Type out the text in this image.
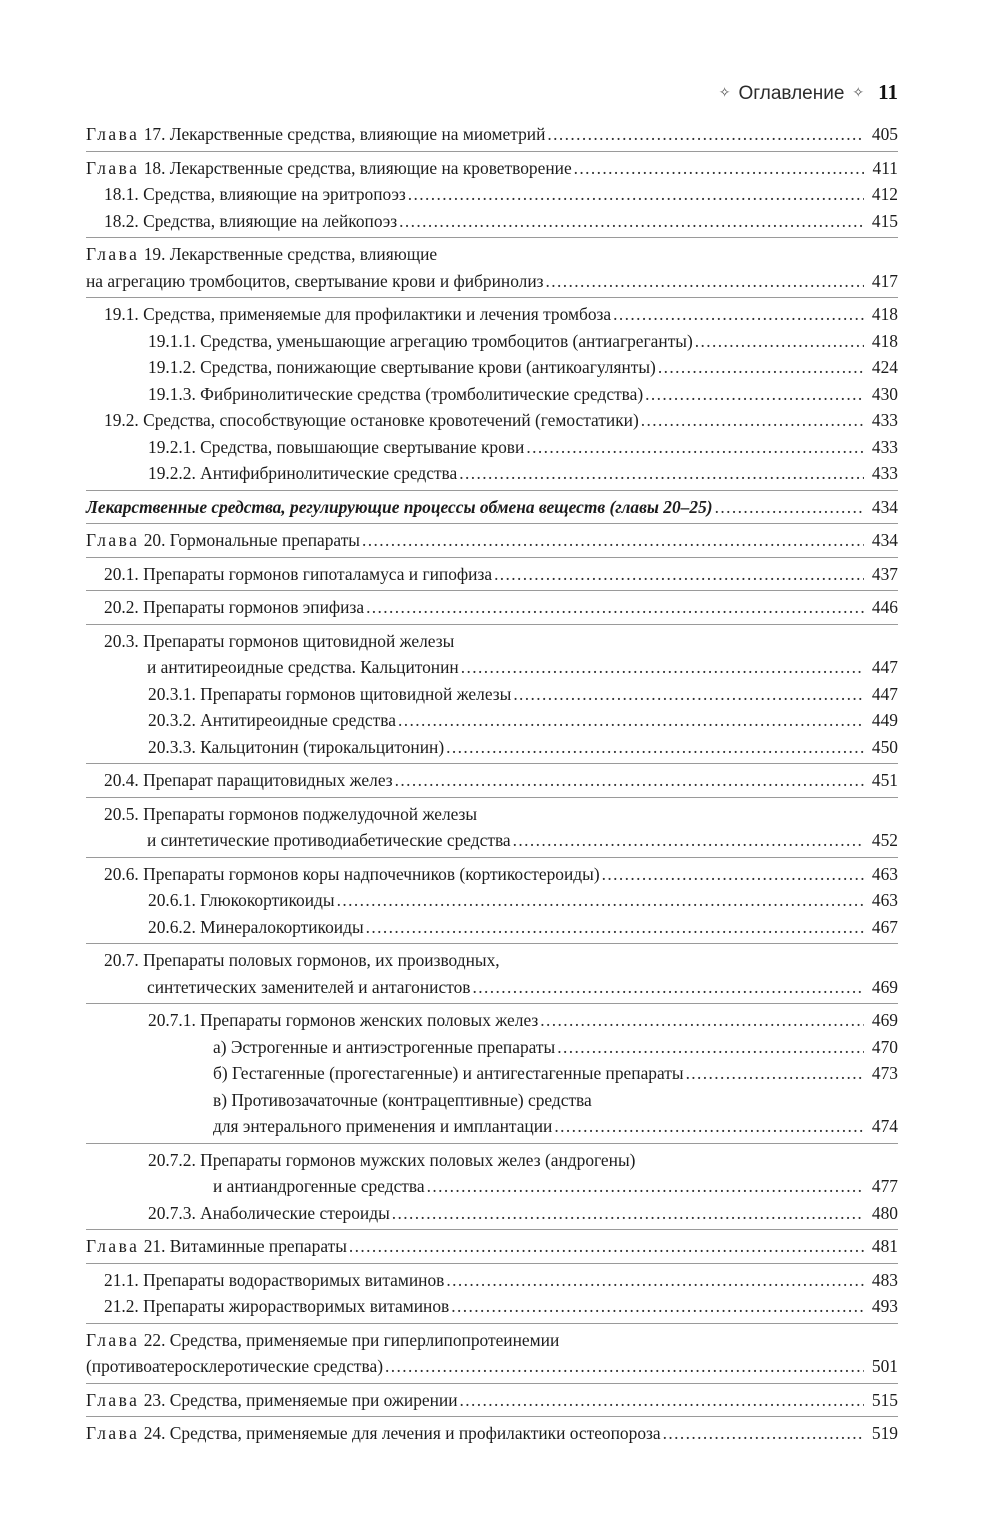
✧ Оглавление ✧ 11
Глава 17. Лекарственные средства, влияющие на миометрий .....	405
Глава 18. Лекарственные средства, влияющие на кроветворение .....	411
18.1. Средства, влияющие на эритропоэз .....	412
18.2. Средства, влияющие на лейкопоэз .....	415
Глава 19. Лекарственные средства, влияющие
на агрегацию тромбоцитов, свертывание крови и фибринолиз .....	417
19.1. Средства, применяемые для профилактики и лечения тромбоза .....	418
19.1.1. Средства, уменьшающие агрегацию тромбоцитов (антиагреганты) .....	418
19.1.2. Средства, понижающие свертывание крови (антикоагулянты) .....	424
19.1.3. Фибринолитические средства (тромболитические средства) .....	430
19.2. Средства, способствующие остановке кровотечений (гемостатики) .....	433
19.2.1. Средства, повышающие свертывание крови .....	433
19.2.2. Антифибринолитические средства .....	433
Лекарственные средства, регулирующие процессы обмена веществ (главы 20–25) .....	434
Глава 20. Гормональные препараты .....	434
20.1. Препараты гормонов гипоталамуса и гипофиза .....	437
20.2. Препараты гормонов эпифиза .....	446
20.3. Препараты гормонов щитовидной железы
и антитиреоидные средства. Кальцитонин .....	447
20.3.1. Препараты гормонов щитовидной железы .....	447
20.3.2. Антитиреоидные средства .....	449
20.3.3. Кальцитонин (тирокальцитонин) .....	450
20.4. Препарат паращитовидных желез .....	451
20.5. Препараты гормонов поджелудочной железы
и синтетические противодиабетические средства .....	452
20.6. Препараты гормонов коры надпочечников (кортикостероиды) .....	463
20.6.1. Глюкокортикоиды .....	463
20.6.2. Минералокортикоиды .....	467
20.7. Препараты половых гормонов, их производных,
синтетических заменителей и антагонистов .....	469
20.7.1. Препараты гормонов женских половых желез .....	469
а) Эстрогенные и антиэстрогенные препараты .....	470
б) Гестагенные (прогестагенные) и антигестагенные препараты .....	473
в) Противозачаточные (контрацептивные) средства
для энтерального применения и имплантации .....	474
20.7.2. Препараты гормонов мужских половых желез (андрогены)
и антиандрогенные средства .....	477
20.7.3. Анаболические стероиды .....	480
Глава 21. Витаминные препараты .....	481
21.1. Препараты водорастворимых витаминов .....	483
21.2. Препараты жирорастворимых витаминов .....	493
Глава 22. Средства, применяемые при гиперлипопротеинемии
(противоатеросклеротические средства) .....	501
Глава 23. Средства, применяемые при ожирении .....	515
Глава 24. Средства, применяемые для лечения и профилактики остеопороза .....	519
